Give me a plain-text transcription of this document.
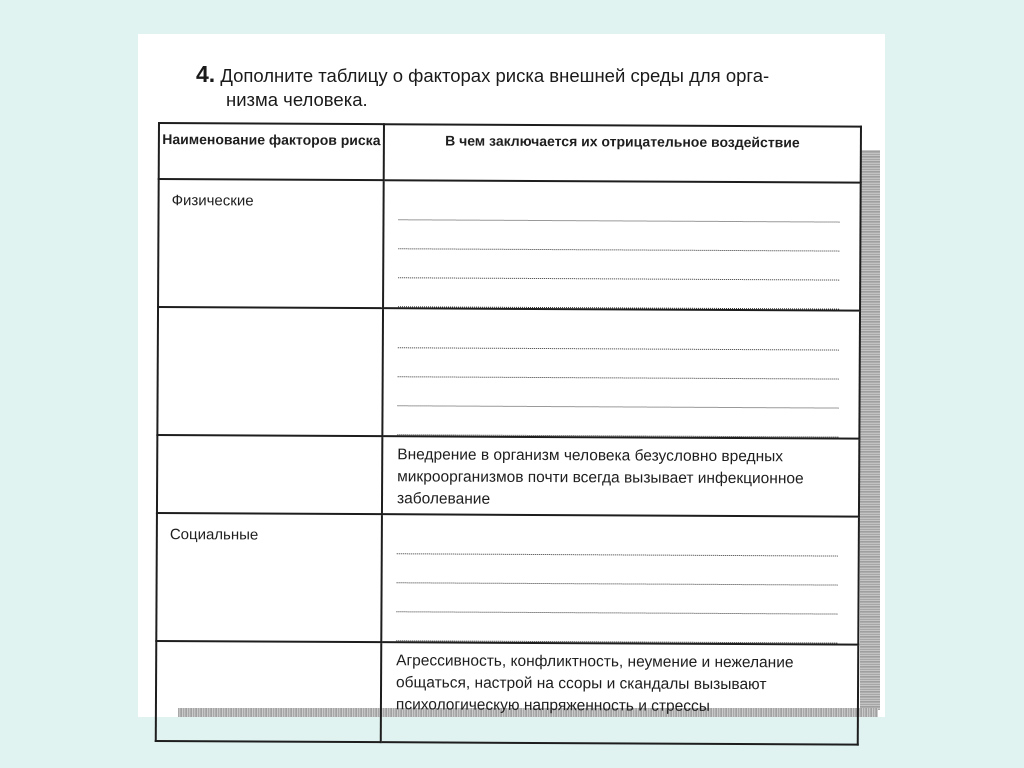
4. Дополните таблицу о факторах риска внешней среды для орга-
низма человека.
Наименование факторов риска	В чем заключается их отрицательное воздействие

Физические	

	Внедрение в организм человека безусловно вредных микроорганизмов почти всегда вызывает инфекционное заболевание

Социальные	

	Агрессивность, конфликтность, неумение и нежелание общаться, настрой на ссоры и скандалы вызывают психологическую напряженность и стрессы
